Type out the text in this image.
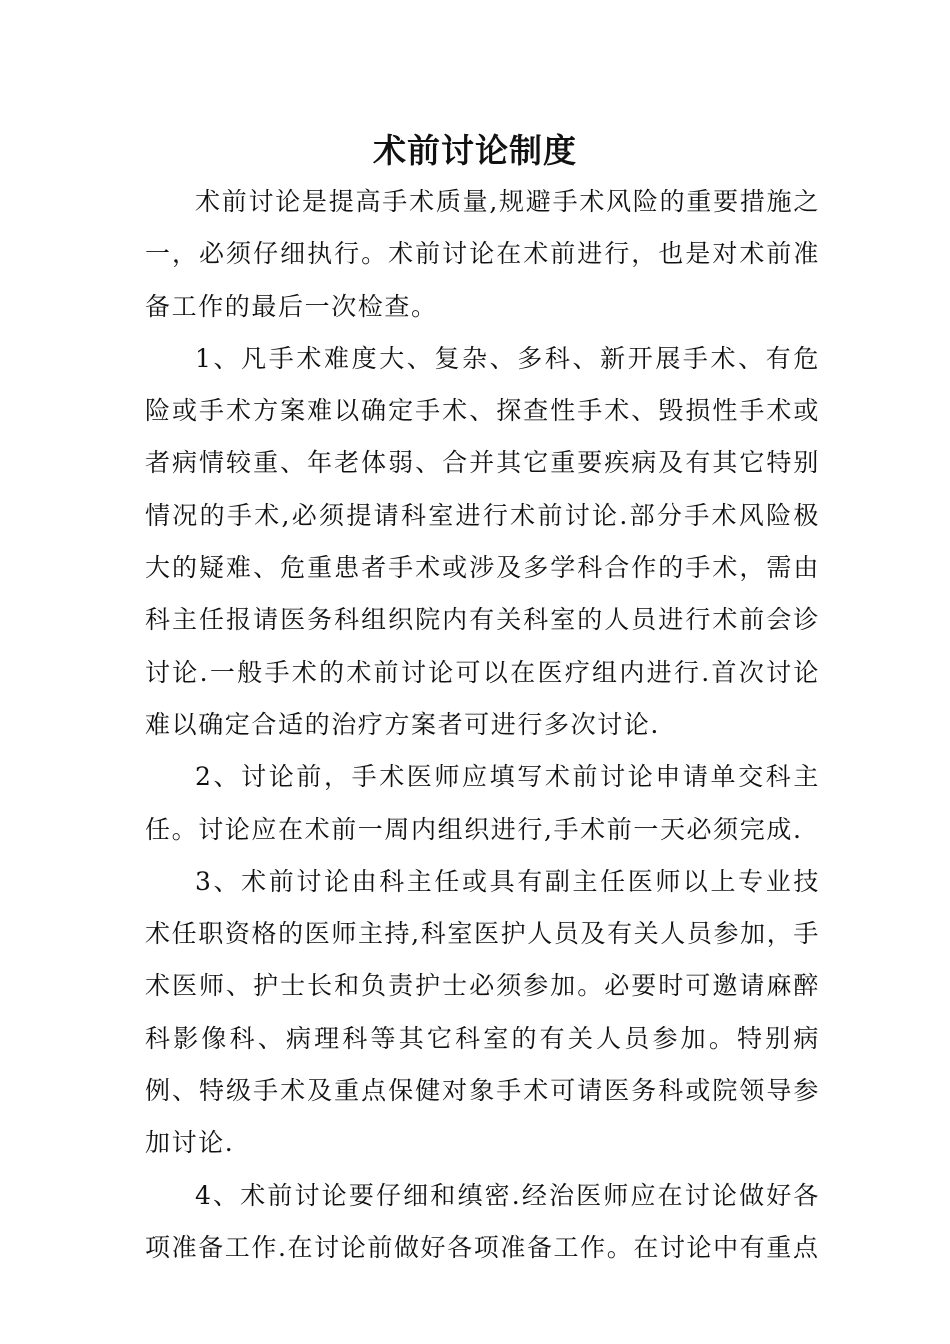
术前讨论制度

术前讨论是提高手术质量,规避手术风险的重要措施之一，必须仔细执行。术前讨论在术前进行，也是对术前准备工作的最后一次检查。

1、凡手术难度大、复杂、多科、新开展手术、有危险或手术方案难以确定手术、探查性手术、毁损性手术或者病情较重、年老体弱、合并其它重要疾病及有其它特别情况的手术,必须提请科室进行术前讨论.部分手术风险极大的疑难、危重患者手术或涉及多学科合作的手术，需由科主任报请医务科组织院内有关科室的人员进行术前会诊讨论.一般手术的术前讨论可以在医疗组内进行.首次讨论难以确定合适的治疗方案者可进行多次讨论.

2、讨论前，手术医师应填写术前讨论申请单交科主任。讨论应在术前一周内组织进行,手术前一天必须完成.

3、术前讨论由科主任或具有副主任医师以上专业技术任职资格的医师主持,科室医护人员及有关人员参加，手术医师、护士长和负责护士必须参加。必要时可邀请麻醉科影像科、病理科等其它科室的有关人员参加。特别病例、特级手术及重点保健对象手术可请医务科或院领导参加讨论.

4、术前讨论要仔细和缜密.经治医师应在讨论做好各项准备工作.在讨论前做好各项准备工作。在讨论中有重点
